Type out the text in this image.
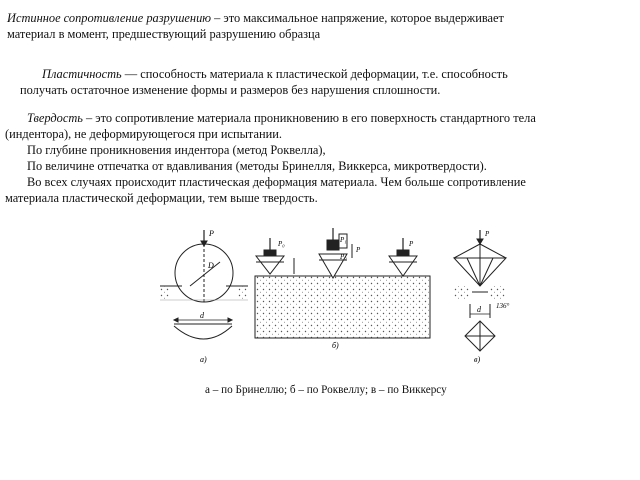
Истинное сопротивление разрушению – это максимальное напряжение, которое выдерживает
материал в момент, предшествующий разрушению образца
Пластичность — способность материала к пластической деформации, т.е. способность
получать остаточное изменение формы и размеров без нарушения сплошности.
Твердость – это сопротивление материала проникновению в его поверхность стандартного тела
(индентора), не деформирующегося при испытании.
По глубине проникновения индентора (метод Роквелла),
По величине отпечатка от вдавливания (методы Бринелля, Виккерса, микротвердости).
Во всех случаях происходит пластическая деформация материала. Чем больше сопротивление
материала пластической деформации, тем выше твердость.
P
D
d
а)
P₀	P₁
P₂
P
P
б)
P
136°
d
в)
а – по Бринеллю; б – по Роквеллу; в – по Виккерсу
